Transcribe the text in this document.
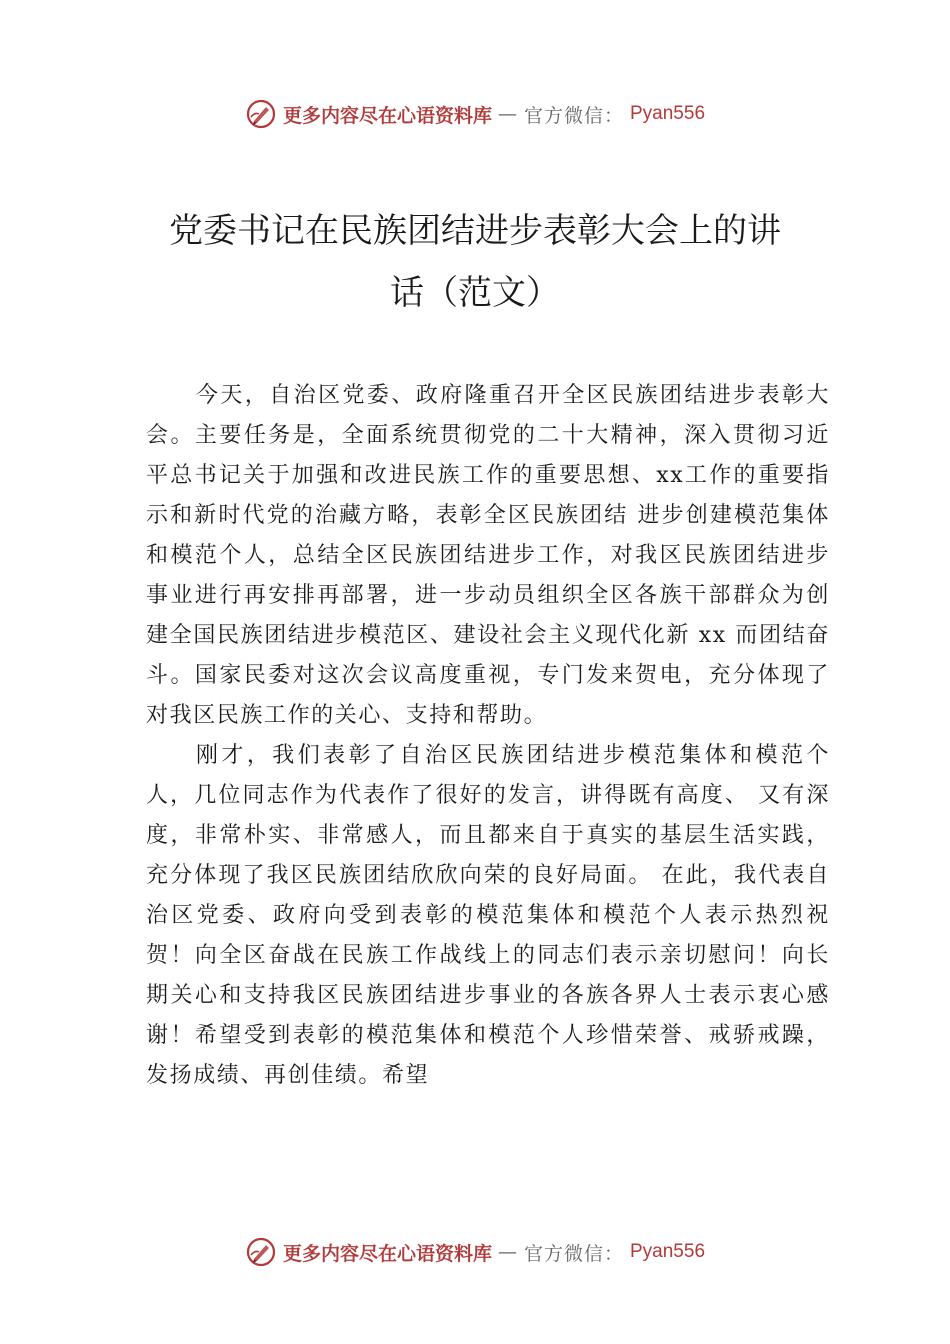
更多内容尽在心语资料库 — 官方微信： Pyan556
党委书记在民族团结进步表彰大会上的讲
话（范文）

今天，自治区党委、政府隆重召开全区民族团结进步表彰大会。主要任务是，全面系统贯彻党的二十大精神，深入贯彻习近平总书记关于加强和改进民族工作的重要思想、xx工作的重要指示和新时代党的治藏方略，表彰全区民族团结 进步创建模范集体和模范个人，总结全区民族团结进步工作，对我区民族团结进步事业进行再安排再部署，进一步动员组织全区各族干部群众为创建全国民族团结进步模范区、建设社会主义现代化新 xx 而团结奋斗。国家民委对这次会议高度重视，专门发来贺电，充分体现了对我区民族工作的关心、支持和帮助。

刚才，我们表彰了自治区民族团结进步模范集体和模范个人，几位同志作为代表作了很好的发言，讲得既有高度、 又有深度，非常朴实、非常感人，而且都来自于真实的基层生活实践，充分体现了我区民族团结欣欣向荣的良好局面。 在此，我代表自治区党委、政府向受到表彰的模范集体和模范个人表示热烈祝贺！向全区奋战在民族工作战线上的同志们表示亲切慰问！向长期关心和支持我区民族团结进步事业的各族各界人士表示衷心感谢！希望受到表彰的模范集体和模范个人珍惜荣誉、戒骄戒躁，发扬成绩、再创佳绩。希望

更多内容尽在心语资料库 — 官方微信： Pyan556
